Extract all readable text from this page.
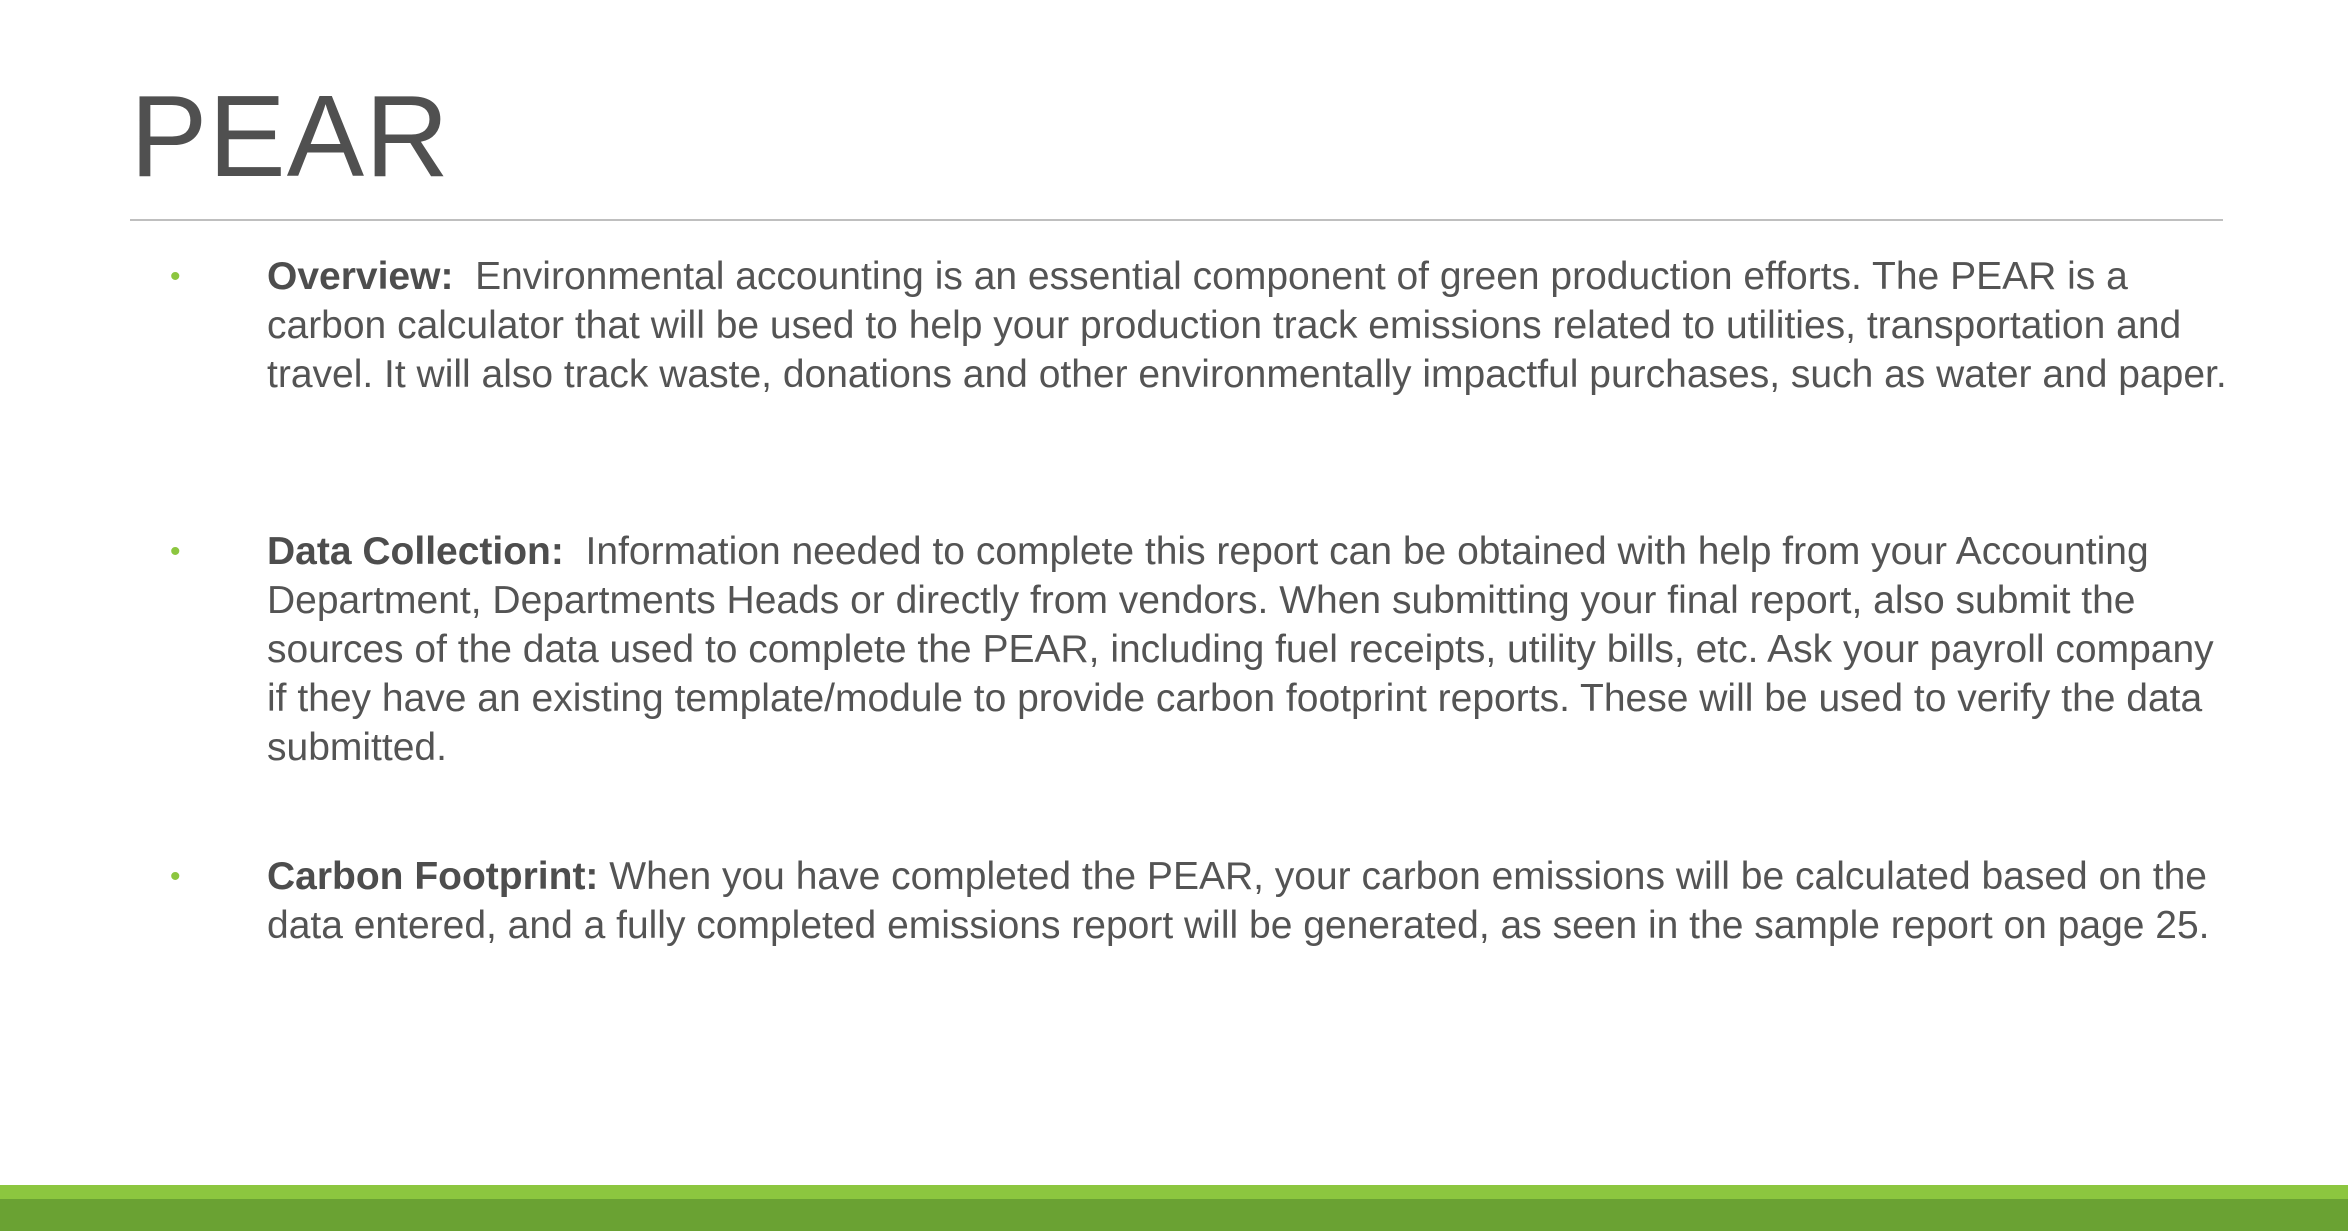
PEAR
• Overview:  Environmental accounting is an essential component of green production efforts. The PEAR is a carbon calculator that will be used to help your production track emissions related to utilities, transportation and travel. It will also track waste, donations and other environmentally impactful purchases, such as water and paper.
• Data Collection:  Information needed to complete this report can be obtained with help from your Accounting Department, Departments Heads or directly from vendors. When submitting your final report, also submit the sources of the data used to complete the PEAR, including fuel receipts, utility bills, etc. Ask your payroll company if they have an existing template/module to provide carbon footprint reports. These will be used to verify the data submitted.
• Carbon Footprint: When you have completed the PEAR, your carbon emissions will be calculated based on the data entered, and a fully completed emissions report will be generated, as seen in the sample report on page 25.
